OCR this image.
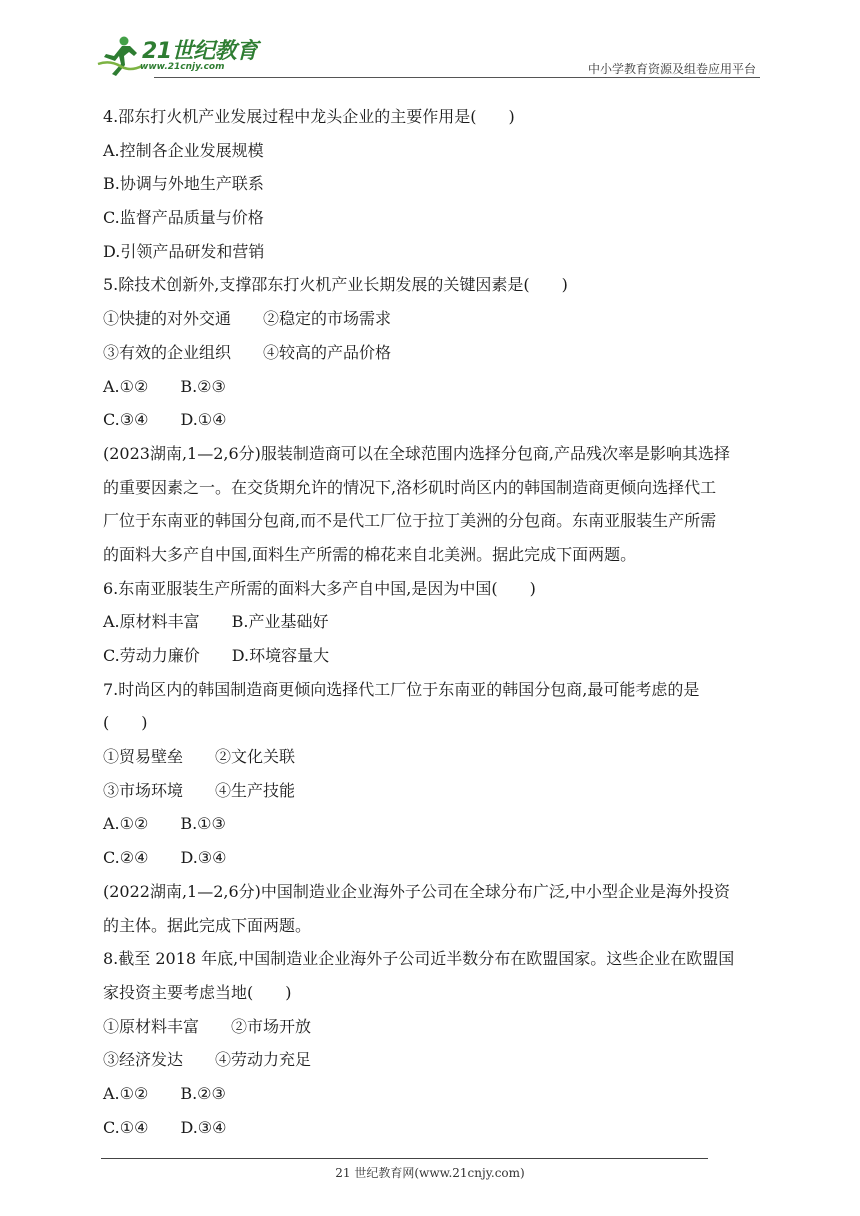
21世纪教育
www.21cnjy.com	中小学教育资源及组卷应用平台
4.邵东打火机产业发展过程中龙头企业的主要作用是(　　)
A.控制各企业发展规模
B.协调与外地生产联系
C.监督产品质量与价格
D.引领产品研发和营销
5.除技术创新外,支撑邵东打火机产业长期发展的关键因素是(　　)
①快捷的对外交通　　②稳定的市场需求
③有效的企业组织　　④较高的产品价格
A.①②　　B.②③
C.③④　　D.①④
(2023湖南,1—2,6分)服装制造商可以在全球范围内选择分包商,产品残次率是影响其选择
的重要因素之一。在交货期允许的情况下,洛杉矶时尚区内的韩国制造商更倾向选择代工
厂位于东南亚的韩国分包商,而不是代工厂位于拉丁美洲的分包商。东南亚服装生产所需
的面料大多产自中国,面料生产所需的棉花来自北美洲。据此完成下面两题。
6.东南亚服装生产所需的面料大多产自中国,是因为中国(　　)
A.原材料丰富　　B.产业基础好
C.劳动力廉价　　D.环境容量大
7.时尚区内的韩国制造商更倾向选择代工厂位于东南亚的韩国分包商,最可能考虑的是
(　　)
①贸易壁垒　　②文化关联
③市场环境　　④生产技能
A.①②　　B.①③
C.②④　　D.③④
(2022湖南,1—2,6分)中国制造业企业海外子公司在全球分布广泛,中小型企业是海外投资
的主体。据此完成下面两题。
8.截至 2018 年底,中国制造业企业海外子公司近半数分布在欧盟国家。这些企业在欧盟国
家投资主要考虑当地(　　)
①原材料丰富　　②市场开放
③经济发达　　④劳动力充足
A.①②　　B.②③
C.①④　　D.③④
21 世纪教育网(www.21cnjy.com)
